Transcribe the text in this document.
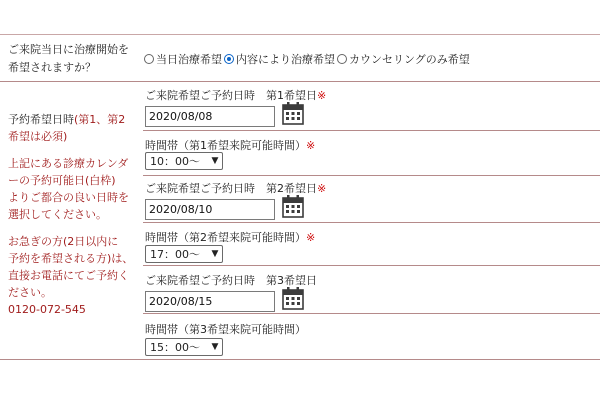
ご来院当日に治療開始を
希望されますか？
当日治療希望 内容により治療希望 カウンセリングのみ希望

予約希望日時(第1、第2

希望は必須)

上記にある診療カレンダ

ーの予約可能日(白枠)

よりご都合の良い日時を

選択してください。

お急ぎの方(2日以内に

予約を希望される方)は、

直接お電話にてご予約く

ださい。

0120-072-545

ご来院希望ご予約日時　第1希望日※
2020/08/08
時間帯（第1希望来院可能時間）※
10：00～	▼
ご来院希望ご予約日時　第2希望日※
2020/08/10
時間帯（第2希望来院可能時間）※
17：00～	▼
ご来院希望ご予約日時　第3希望日
2020/08/15
時間帯（第3希望来院可能時間）
15：00～	▼
